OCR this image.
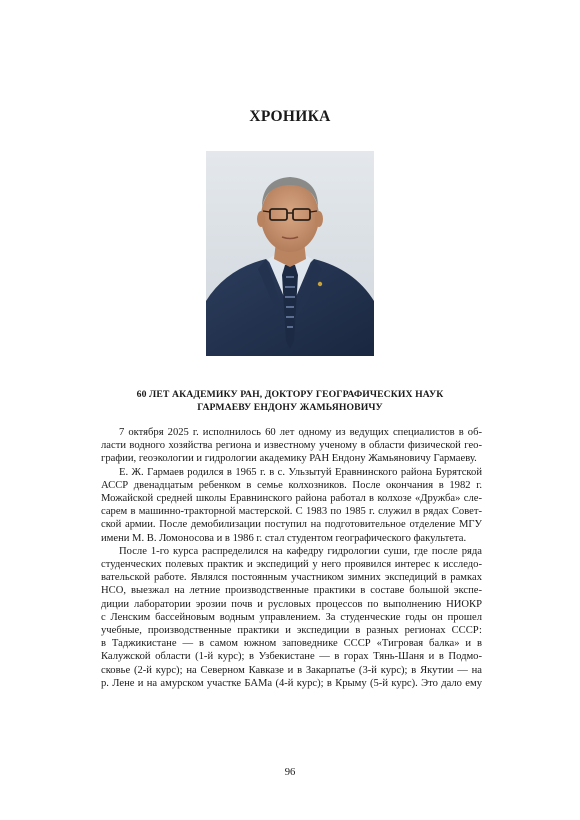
ХРОНИКА
60 ЛЕТ АКАДЕМИКУ РАН, ДОКТОРУ ГЕОГРАФИЧЕСКИХ НАУК
ГАРМАЕВУ ЕНДОНУ ЖАМЬЯНОВИЧУ
7 октября 2025 г. исполнилось 60 лет одному из ведущих специалистов в об-
ласти водного хозяйства региона и известному ученому в области физической гео-
графии, геоэкологии и гидрологии академику РАН Ендону Жамьяновичу Гармаеву.
Е. Ж. Гармаев родился в 1965 г. в с. Ульзытуй Еравнинского района Бурятской
АССР двенадцатым ребенком в семье колхозников. После окончания в 1982 г.
Можайской средней школы Еравнинского района работал в колхозе «Дружба» сле-
сарем в машинно-тракторной мастерской. С 1983 по 1985 г. служил в рядах Совет-
ской армии. После демобилизации поступил на подготовительное отделение МГУ
имени М. В. Ломоносова и в 1986 г. стал студентом географического факультета.
После 1-го курса распределился на кафедру гидрологии суши, где после ряда
студенческих полевых практик и экспедиций у него проявился интерес к исследо-
вательской работе. Являлся постоянным участником зимних экспедиций в рамках
НСО, выезжал на летние производственные практики в составе большой экспе-
диции лаборатории эрозии почв и русловых процессов по выполнению НИОКР
с Ленским бассейновым водным управлением. За студенческие годы он прошел
учебные, производственные практики и экспедиции в разных регионах СССР:
в Таджикистане — в самом южном заповеднике СССР «Тигровая балка» и в
Калужской области (1-й курс); в Узбекистане — в горах Тянь-Шаня и в Подмо-
сковье (2-й курс); на Северном Кавказе и в Закарпатье (3-й курс); в Якутии — на
р. Лене и на амурском участке БАМа (4-й курс); в Крыму (5-й курс). Это дало ему
96
